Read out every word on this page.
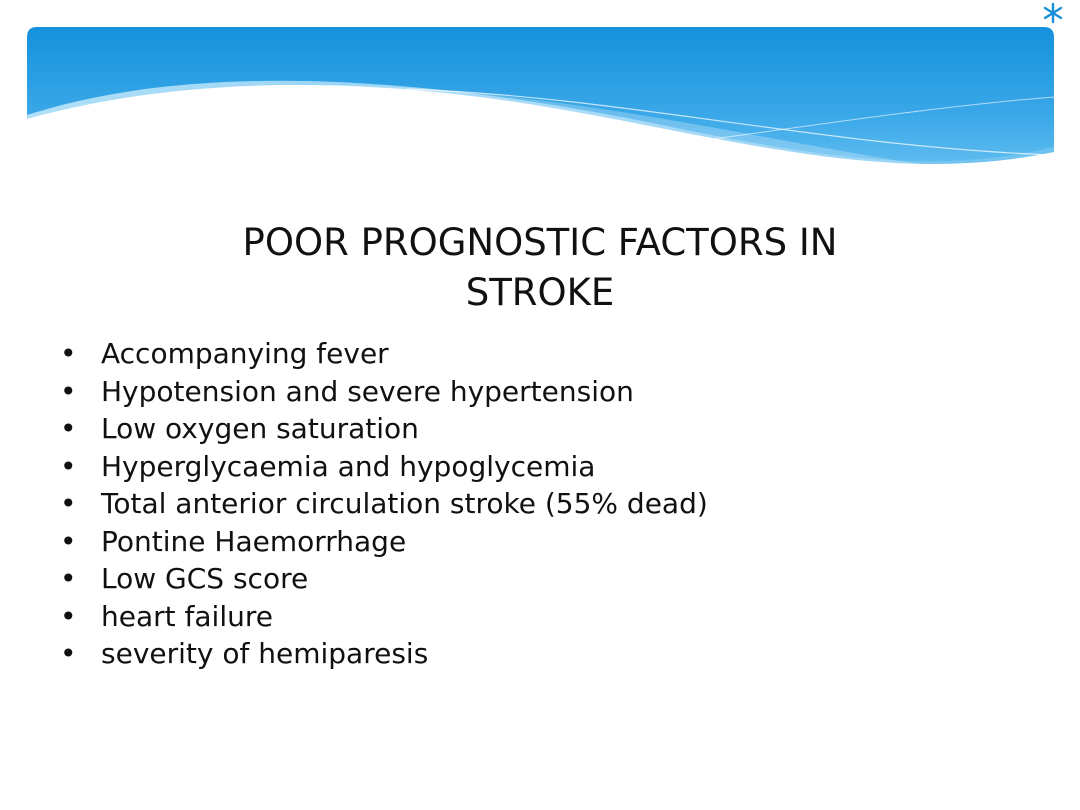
POOR PROGNOSTIC FACTORS IN
STROKE
• Accompanying fever
• Hypotension and severe hypertension
• Low oxygen saturation
• Hyperglycaemia and hypoglycemia
• Total anterior circulation stroke (55% dead)
• Pontine Haemorrhage
• Low GCS score
• heart failure
• severity of hemiparesis
